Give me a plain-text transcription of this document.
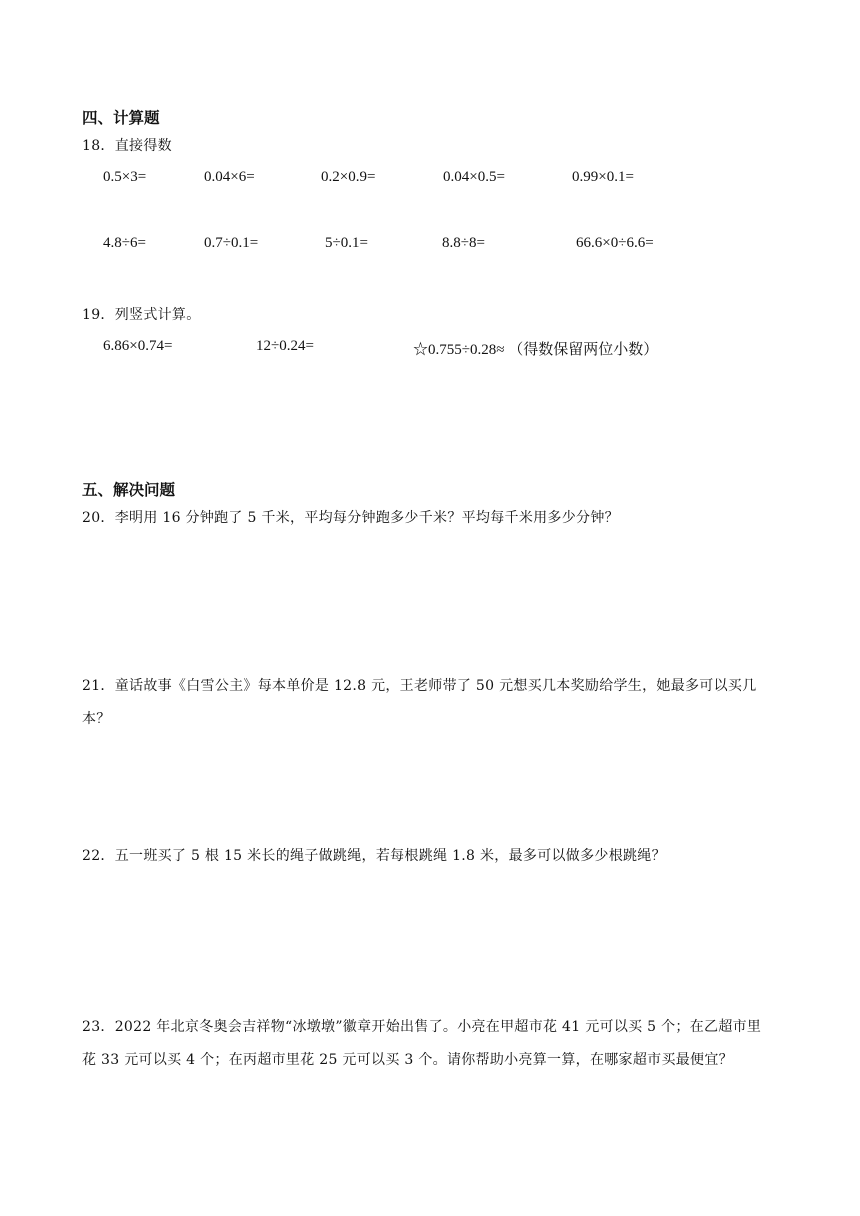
四、计算题
18．直接得数
0.5×3=	0.04×6=	0.2×0.9=	0.04×0.5=	0.99×0.1=
4.8÷6=	0.7÷0.1=	5÷0.1=	8.8÷8=	66.6×0÷6.6=
19．列竖式计算。
6.86×0.74=	12÷0.24=	☆0.755÷0.28≈ （得数保留两位小数）
五、解决问题
20．李明用 16 分钟跑了 5 千米，平均每分钟跑多少千米？平均每千米用多少分钟？
21．童话故事《白雪公主》每本单价是 12.8 元，王老师带了 50 元想买几本奖励给学生，她最多可以买几
本？
22．五一班买了 5 根 15 米长的绳子做跳绳，若每根跳绳 1.8 米，最多可以做多少根跳绳？
23．2022 年北京冬奥会吉祥物“冰墩墩”徽章开始出售了。小亮在甲超市花 41 元可以买 5 个；在乙超市里
花 33 元可以买 4 个；在丙超市里花 25 元可以买 3 个。请你帮助小亮算一算，在哪家超市买最便宜？
